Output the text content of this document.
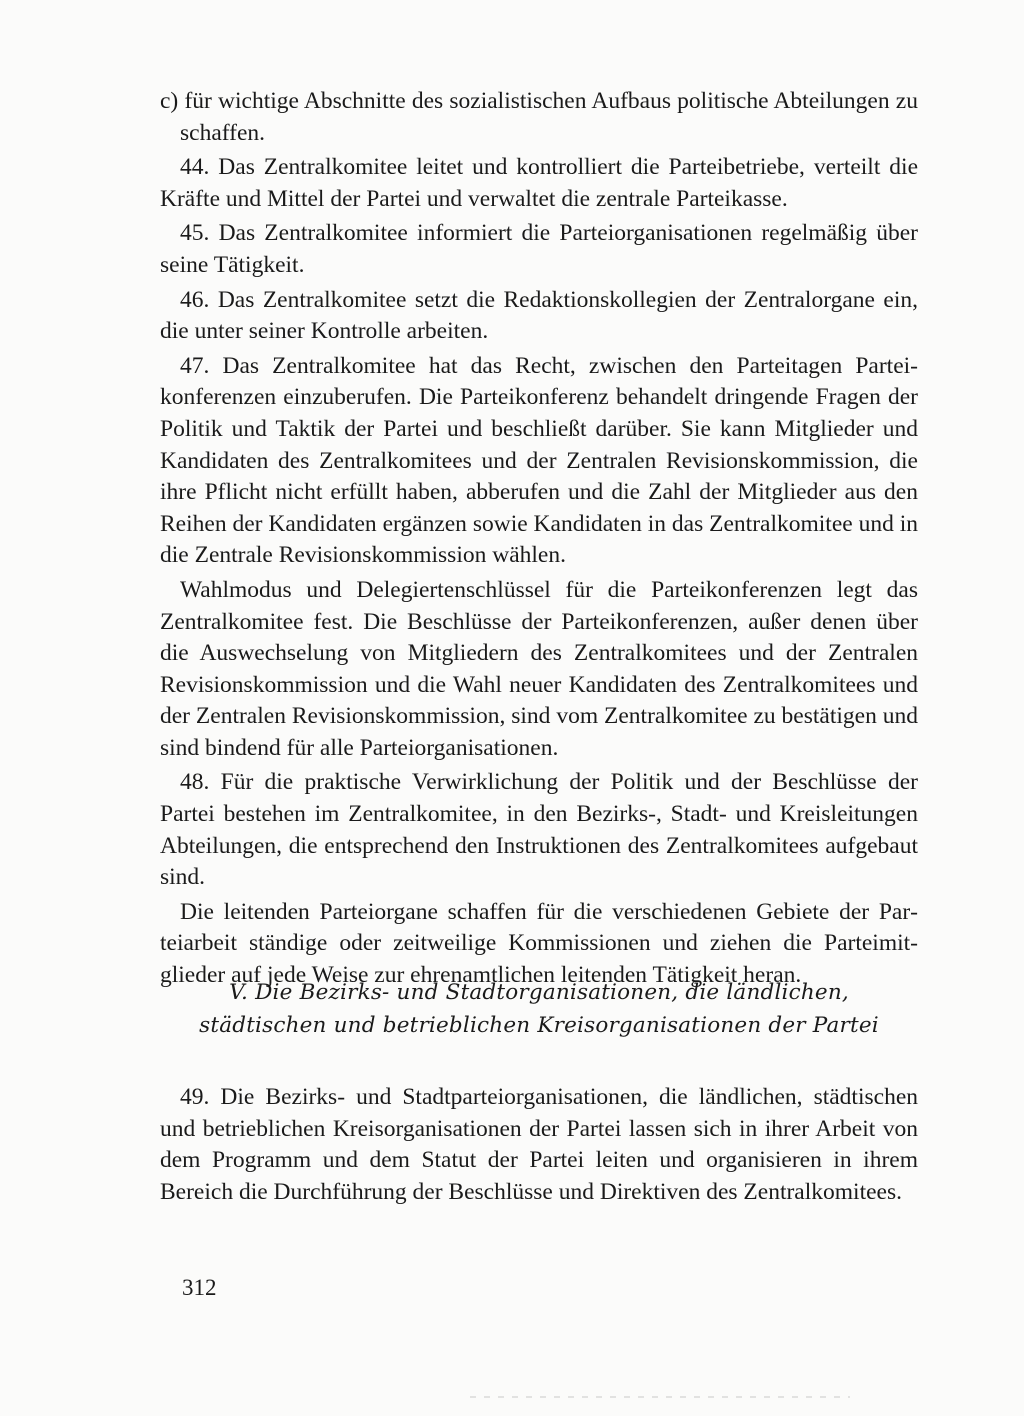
c) für wichtige Abschnitte des sozialistischen Aufbaus politische Abteilungen zu schaffen.

44. Das Zentralkomitee leitet und kontrolliert die Parteibetriebe, verteilt die Kräfte und Mittel der Partei und verwaltet die zentrale Parteikasse.

45. Das Zentralkomitee informiert die Parteiorganisationen regelmäßig über seine Tätigkeit.

46. Das Zentralkomitee setzt die Redaktionskollegien der Zentralorgane ein, die unter seiner Kontrolle arbeiten.

47. Das Zentralkomitee hat das Recht, zwischen den Parteitagen Parteikonferenzen einzuberufen. Die Parteikonferenz behandelt dringende Fragen der Politik und Taktik der Partei und beschließt darüber. Sie kann Mitglieder und Kandidaten des Zentralkomitees und der Zentralen Revisionskommission, die ihre Pflicht nicht erfüllt haben, abberufen und die Zahl der Mitglieder aus den Reihen der Kandidaten ergänzen sowie Kandidaten in das Zentralkomitee und in die Zentrale Revisionskommission wählen.

Wahlmodus und Delegiertenschlüssel für die Parteikonferenzen legt das Zentralkomitee fest. Die Beschlüsse der Parteikonferenzen, außer denen über die Auswechselung von Mitgliedern des Zentralkomitees und der Zentralen Revisionskommission und die Wahl neuer Kandidaten des Zentralkomitees und der Zentralen Revisionskommission, sind vom Zentralkomitee zu bestätigen und sind bindend für alle Parteiorganisationen.

48. Für die praktische Verwirklichung der Politik und der Beschlüsse der Partei bestehen im Zentralkomitee, in den Bezirks-, Stadt- und Kreisleitungen Abteilungen, die entsprechend den Instruktionen des Zentralkomitees aufgebaut sind.

Die leitenden Parteiorgane schaffen für die verschiedenen Gebiete der Parteiarbeit ständige oder zeitweilige Kommissionen und ziehen die Parteimitglieder auf jede Weise zur ehrenamtlichen leitenden Tätigkeit heran.

V. Die Bezirks- und Stadtorganisationen, die ländlichen,
städtischen und betrieblichen Kreisorganisationen der Partei

49. Die Bezirks- und Stadtparteiorganisationen, die ländlichen, städtischen und betrieblichen Kreisorganisationen der Partei lassen sich in ihrer Arbeit von dem Programm und dem Statut der Partei leiten und organisieren in ihrem Bereich die Durchführung der Beschlüsse und Direktiven des Zentralkomitees.

312
